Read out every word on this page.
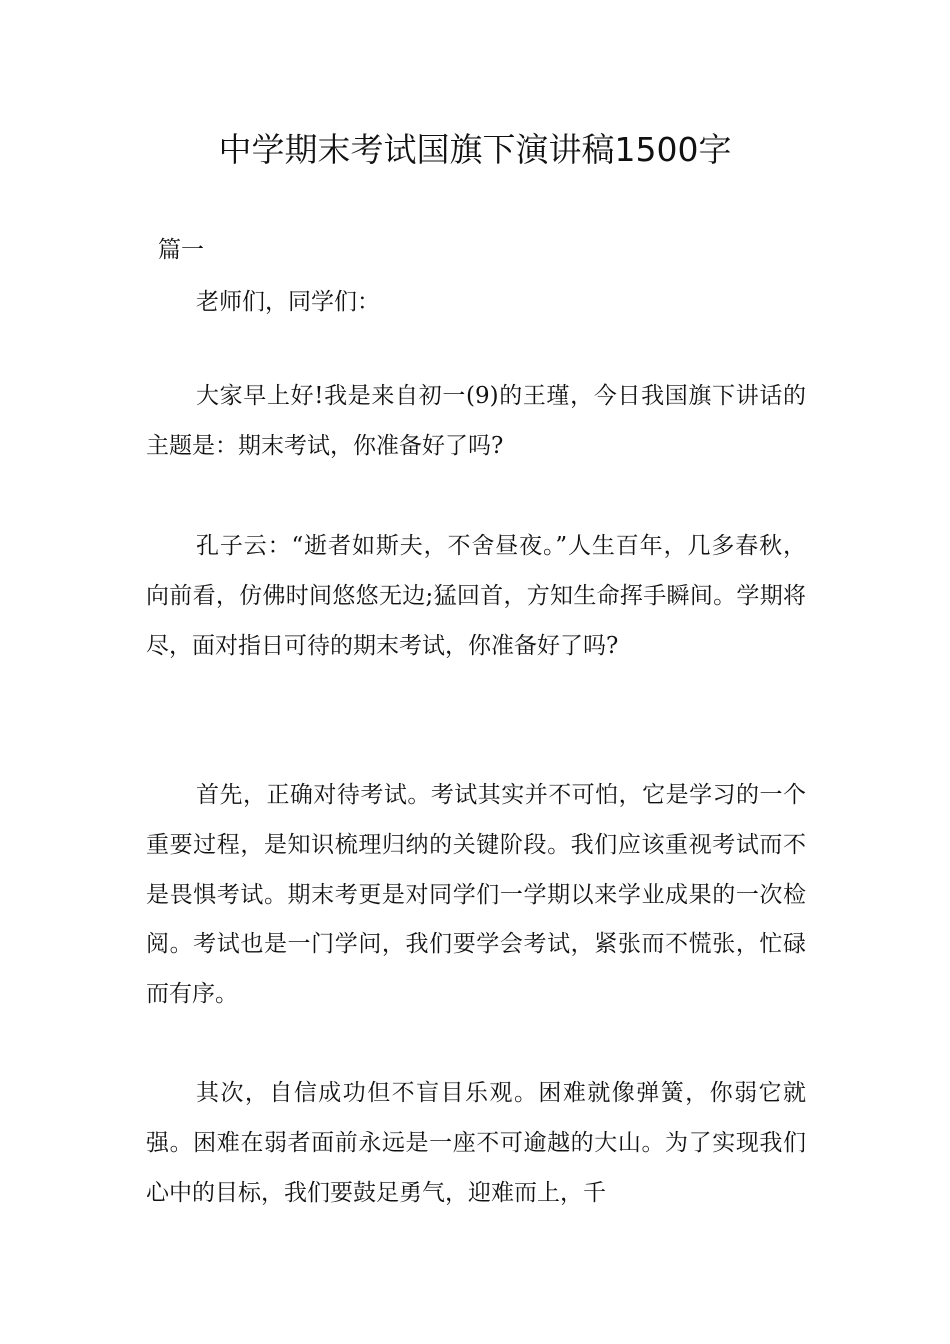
中学期末考试国旗下演讲稿1500字
篇一
老师们，同学们：

大家早上好!我是来自初一(9)的王瑾，今日我国旗下讲话的主题是：期末考试，你准备好了吗?

孔子云：“逝者如斯夫，不舍昼夜。”人生百年，几多春秋，向前看，仿佛时间悠悠无边;猛回首，方知生命挥手瞬间。学期将尽，面对指日可待的期末考试，你准备好了吗?

首先，正确对待考试。考试其实并不可怕，它是学习的一个重要过程，是知识梳理归纳的关键阶段。我们应该重视考试而不是畏惧考试。期末考更是对同学们一学期以来学业成果的一次检阅。考试也是一门学问，我们要学会考试，紧张而不慌张，忙碌而有序。

其次，自信成功但不盲目乐观。困难就像弹簧，你弱它就强。困难在弱者面前永远是一座不可逾越的大山。为了实现我们心中的目标，我们要鼓足勇气，迎难而上，千
